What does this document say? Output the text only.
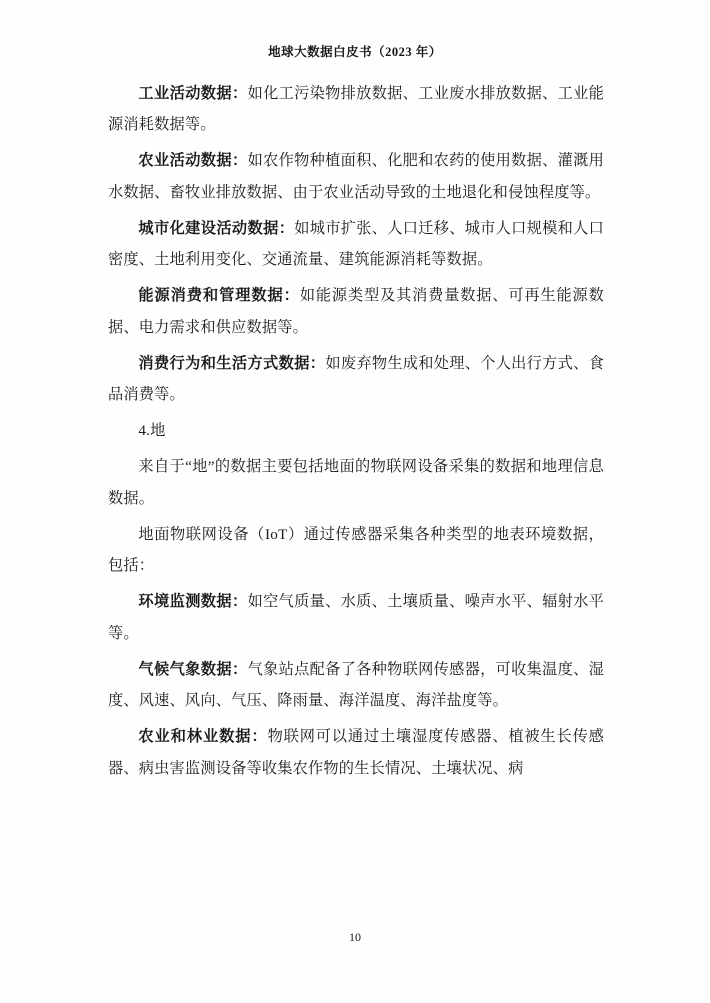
地球大数据白皮书（2023 年）

工业活动数据：如化工污染物排放数据、工业废水排放数据、工业能源消耗数据等。

农业活动数据：如农作物种植面积、化肥和农药的使用数据、灌溉用水数据、畜牧业排放数据、由于农业活动导致的土地退化和侵蚀程度等。

城市化建设活动数据：如城市扩张、人口迁移、城市人口规模和人口密度、土地利用变化、交通流量、建筑能源消耗等数据。

能源消费和管理数据：如能源类型及其消费量数据、可再生能源数据、电力需求和供应数据等。

消费行为和生活方式数据：如废弃物生成和处理、个人出行方式、食品消费等。

4.地

来自于“地”的数据主要包括地面的物联网设备采集的数据和地理信息数据。

地面物联网设备（IoT）通过传感器采集各种类型的地表环境数据，包括：

环境监测数据：如空气质量、水质、土壤质量、噪声水平、辐射水平等。

气候气象数据：气象站点配备了各种物联网传感器，可收集温度、湿度、风速、风向、气压、降雨量、海洋温度、海洋盐度等。

农业和林业数据：物联网可以通过土壤湿度传感器、植被生长传感器、病虫害监测设备等收集农作物的生长情况、土壤状况、病

10
